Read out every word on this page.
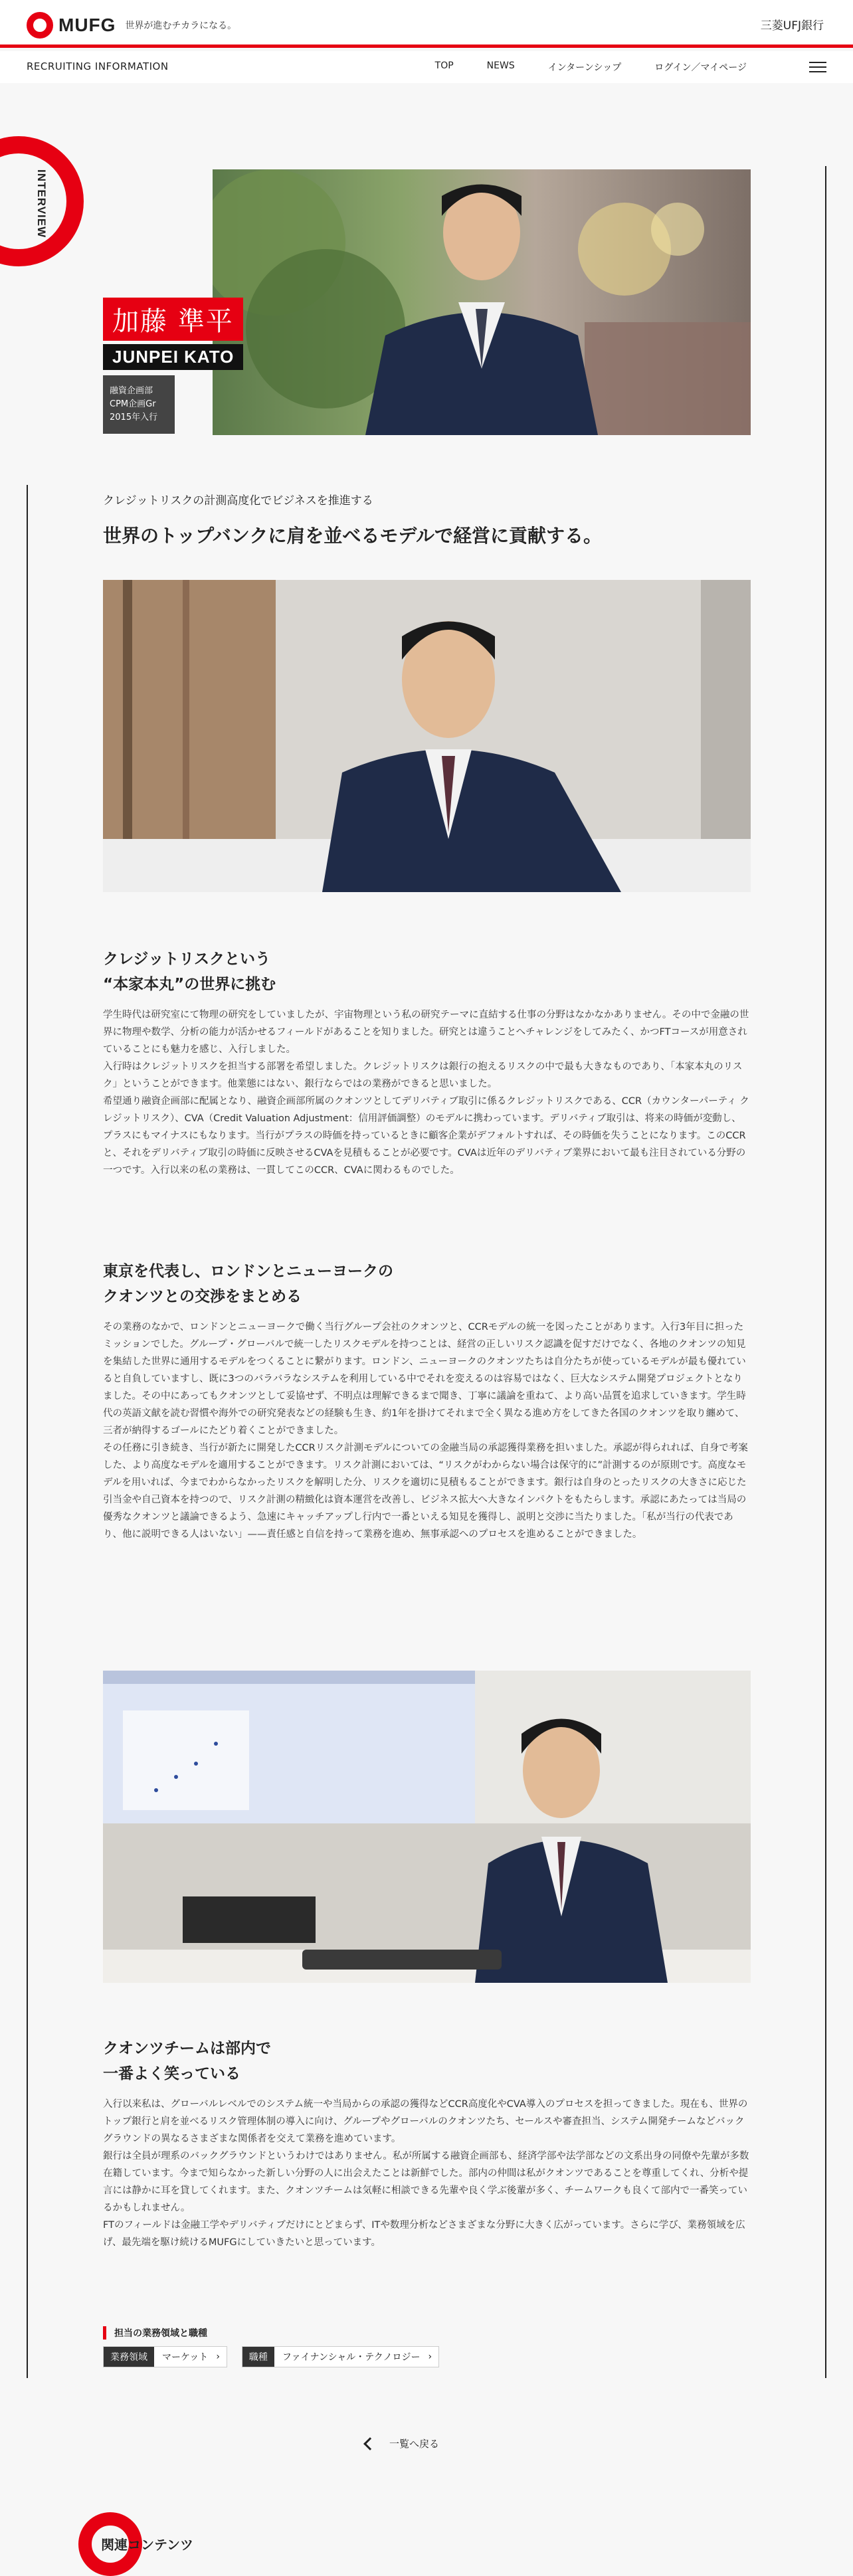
MUFG 世界が進むチカラになる。	三菱UFJ銀行
RECRUITING INFORMATION	TOP	NEWS	インターンシップ	ログイン／マイページ
INTERVIEW
加藤 準平
JUNPEI KATO
融資企画部
CPM企画Gr
2015年入行
クレジットリスクの計測高度化でビジネスを推進する
世界のトップバンクに肩を並べるモデルで経営に貢献する。
クレジットリスクという
“本家本丸”の世界に挑む
学生時代は研究室にて物理の研究をしていましたが、宇宙物理という私の研究テーマに直結する仕事の分野はなかなかありません。その中で金融の世界に物理や数学、分析の能力が活かせるフィールドがあることを知りました。研究とは違うことへチャレンジをしてみたく、かつFTコースが用意されていることにも魅力を感じ、入行しました。
入行時はクレジットリスクを担当する部署を希望しました。クレジットリスクは銀行の抱えるリスクの中で最も大きなものであり、「本家本丸のリスク」ということができます。他業態にはない、銀行ならではの業務ができると思いました。
希望通り融資企画部に配属となり、融資企画部所属のクオンツとしてデリバティブ取引に係るクレジットリスクである、CCR（カウンターパーティ クレジットリスク）、CVA（Credit Valuation Adjustment：信用評価調整）のモデルに携わっています。デリバティブ取引は、将来の時価が変動し、プラスにもマイナスにもなります。当行がプラスの時価を持っているときに顧客企業がデフォルトすれば、その時価を失うことになります。このCCRと、それをデリバティブ取引の時価に反映させるCVAを見積もることが必要です。CVAは近年のデリバティブ業界において最も注目されている分野の一つです。入行以来の私の業務は、一貫してこのCCR、CVAに関わるものでした。
東京を代表し、ロンドンとニューヨークの
クオンツとの交渉をまとめる
その業務のなかで、ロンドンとニューヨークで働く当行グループ会社のクオンツと、CCRモデルの統一を図ったことがあります。入行3年目に担ったミッションでした。グループ・グローバルで統一したリスクモデルを持つことは、経営の正しいリスク認識を促すだけでなく、各地のクオンツの知見を集結した世界に通用するモデルをつくることに繋がります。ロンドン、ニューヨークのクオンツたちは自分たちが使っているモデルが最も優れていると自負していますし、既に3つのバラバラなシステムを利用している中でそれを変えるのは容易ではなく、巨大なシステム開発プロジェクトとなりました。その中にあってもクオンツとして妥協せず、不明点は理解できるまで聞き、丁寧に議論を重ねて、より高い品質を追求していきます。学生時代の英語文献を読む習慣や海外での研究発表などの経験も生き、約1年を掛けてそれまで全く異なる進め方をしてきた各国のクオンツを取り纏めて、三者が納得するゴールにたどり着くことができました。
その任務に引き続き、当行が新たに開発したCCRリスク計測モデルについての金融当局の承認獲得業務を担いました。承認が得られれば、自身で考案した、より高度なモデルを適用することができます。リスク計測においては、“リスクがわからない場合は保守的に”計測するのが原則です。高度なモデルを用いれば、今までわからなかったリスクを解明した分、リスクを適切に見積もることができます。銀行は自身のとったリスクの大きさに応じた引当金や自己資本を持つので、リスク計測の精緻化は資本運営を改善し、ビジネス拡大へ大きなインパクトをもたらします。承認にあたっては当局の優秀なクオンツと議論できるよう、急速にキャッチアップし行内で一番といえる知見を獲得し、説明と交渉に当たりました。「私が当行の代表であり、他に説明できる人はいない」——責任感と自信を持って業務を進め、無事承認へのプロセスを進めることができました。
クオンツチームは部内で
一番よく笑っている
入行以来私は、グローバルレベルでのシステム統一や当局からの承認の獲得などCCR高度化やCVA導入のプロセスを担ってきました。現在も、世界のトップ銀行と肩を並べるリスク管理体制の導入に向け、グループやグローバルのクオンツたち、セールスや審査担当、システム開発チームなどバックグラウンドの異なるさまざまな関係者を交えて業務を進めています。
銀行は全員が理系のバックグラウンドというわけではありません。私が所属する融資企画部も、経済学部や法学部などの文系出身の同僚や先輩が多数在籍しています。今まで知らなかった新しい分野の人に出会えたことは新鮮でした。部内の仲間は私がクオンツであることを尊重してくれ、分析や提言には静かに耳を貸してくれます。また、クオンツチームは気軽に相談できる先輩や良く学ぶ後輩が多く、チームワークも良くて部内で一番笑っているかもしれません。
FTのフィールドは金融工学やデリバティブだけにとどまらず、ITや数理分析などさまざまな分野に大きく広がっています。さらに学び、業務領域を広げ、最先端を駆け続けるMUFGにしていきたいと思っています。
担当の業務領域と職種
業務領域	マーケット ›	職種	ファイナンシャル・テクノロジー ›
一覧へ戻る
関連コンテンツ
